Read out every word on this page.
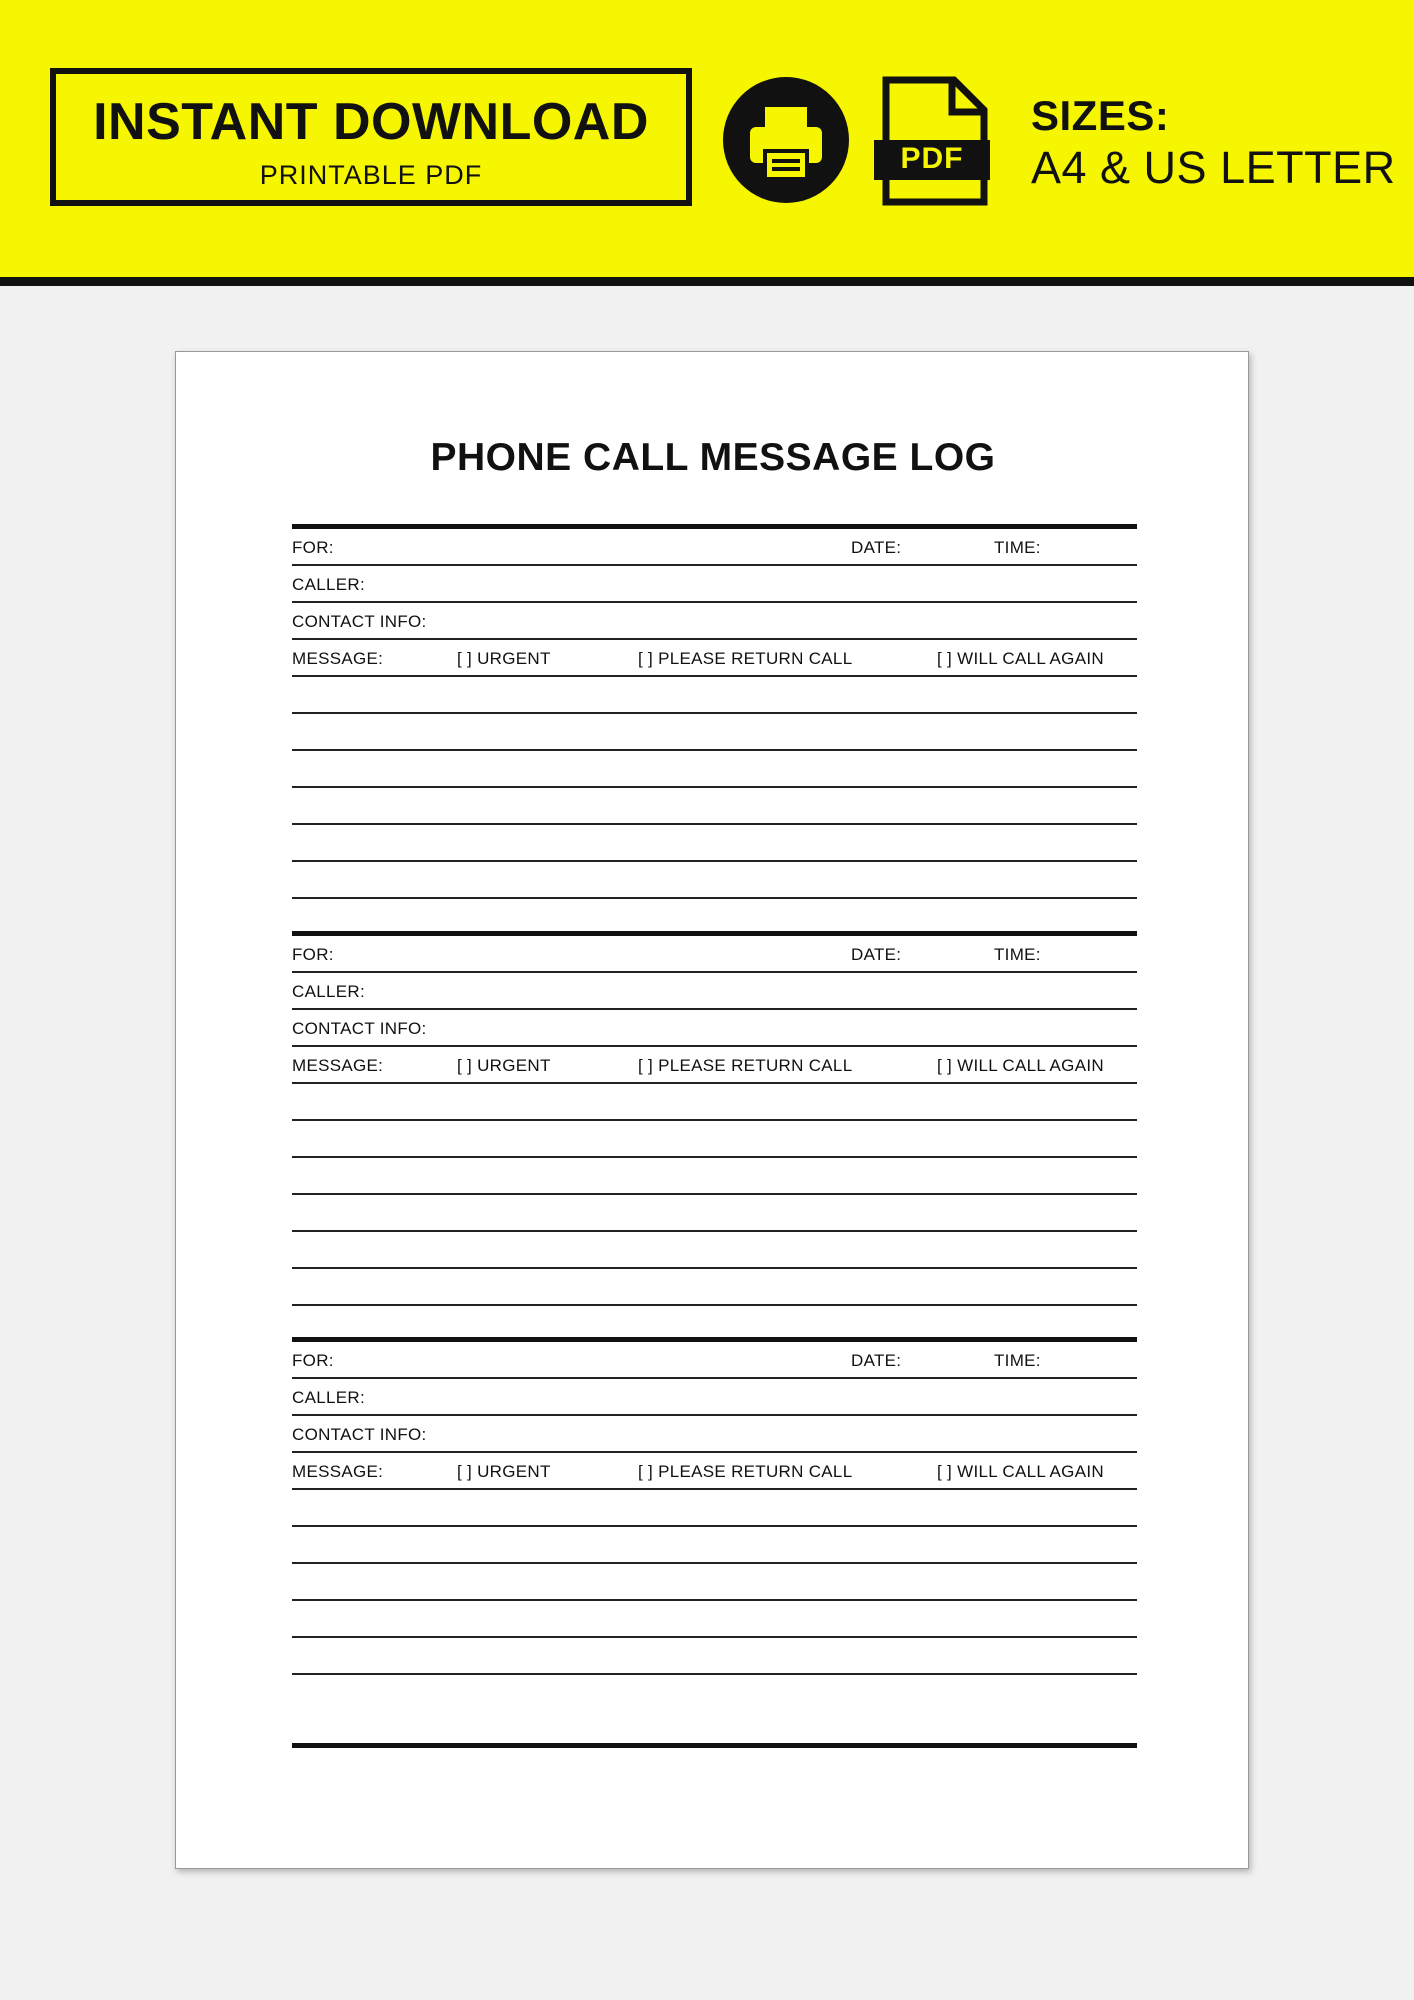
INSTANT DOWNLOAD
PRINTABLE PDF	PDF
SIZES:
A4 & US LETTER
PHONE CALL MESSAGE LOG
FOR:	DATE:	TIME:
CALLER:
CONTACT INFO:
MESSAGE:	[ ] URGENT	[ ] PLEASE RETURN CALL	[ ] WILL CALL AGAIN
FOR:	DATE:	TIME:
CALLER:
CONTACT INFO:
MESSAGE:	[ ] URGENT	[ ] PLEASE RETURN CALL	[ ] WILL CALL AGAIN
FOR:	DATE:	TIME:
CALLER:
CONTACT INFO:
MESSAGE:	[ ] URGENT	[ ] PLEASE RETURN CALL	[ ] WILL CALL AGAIN
